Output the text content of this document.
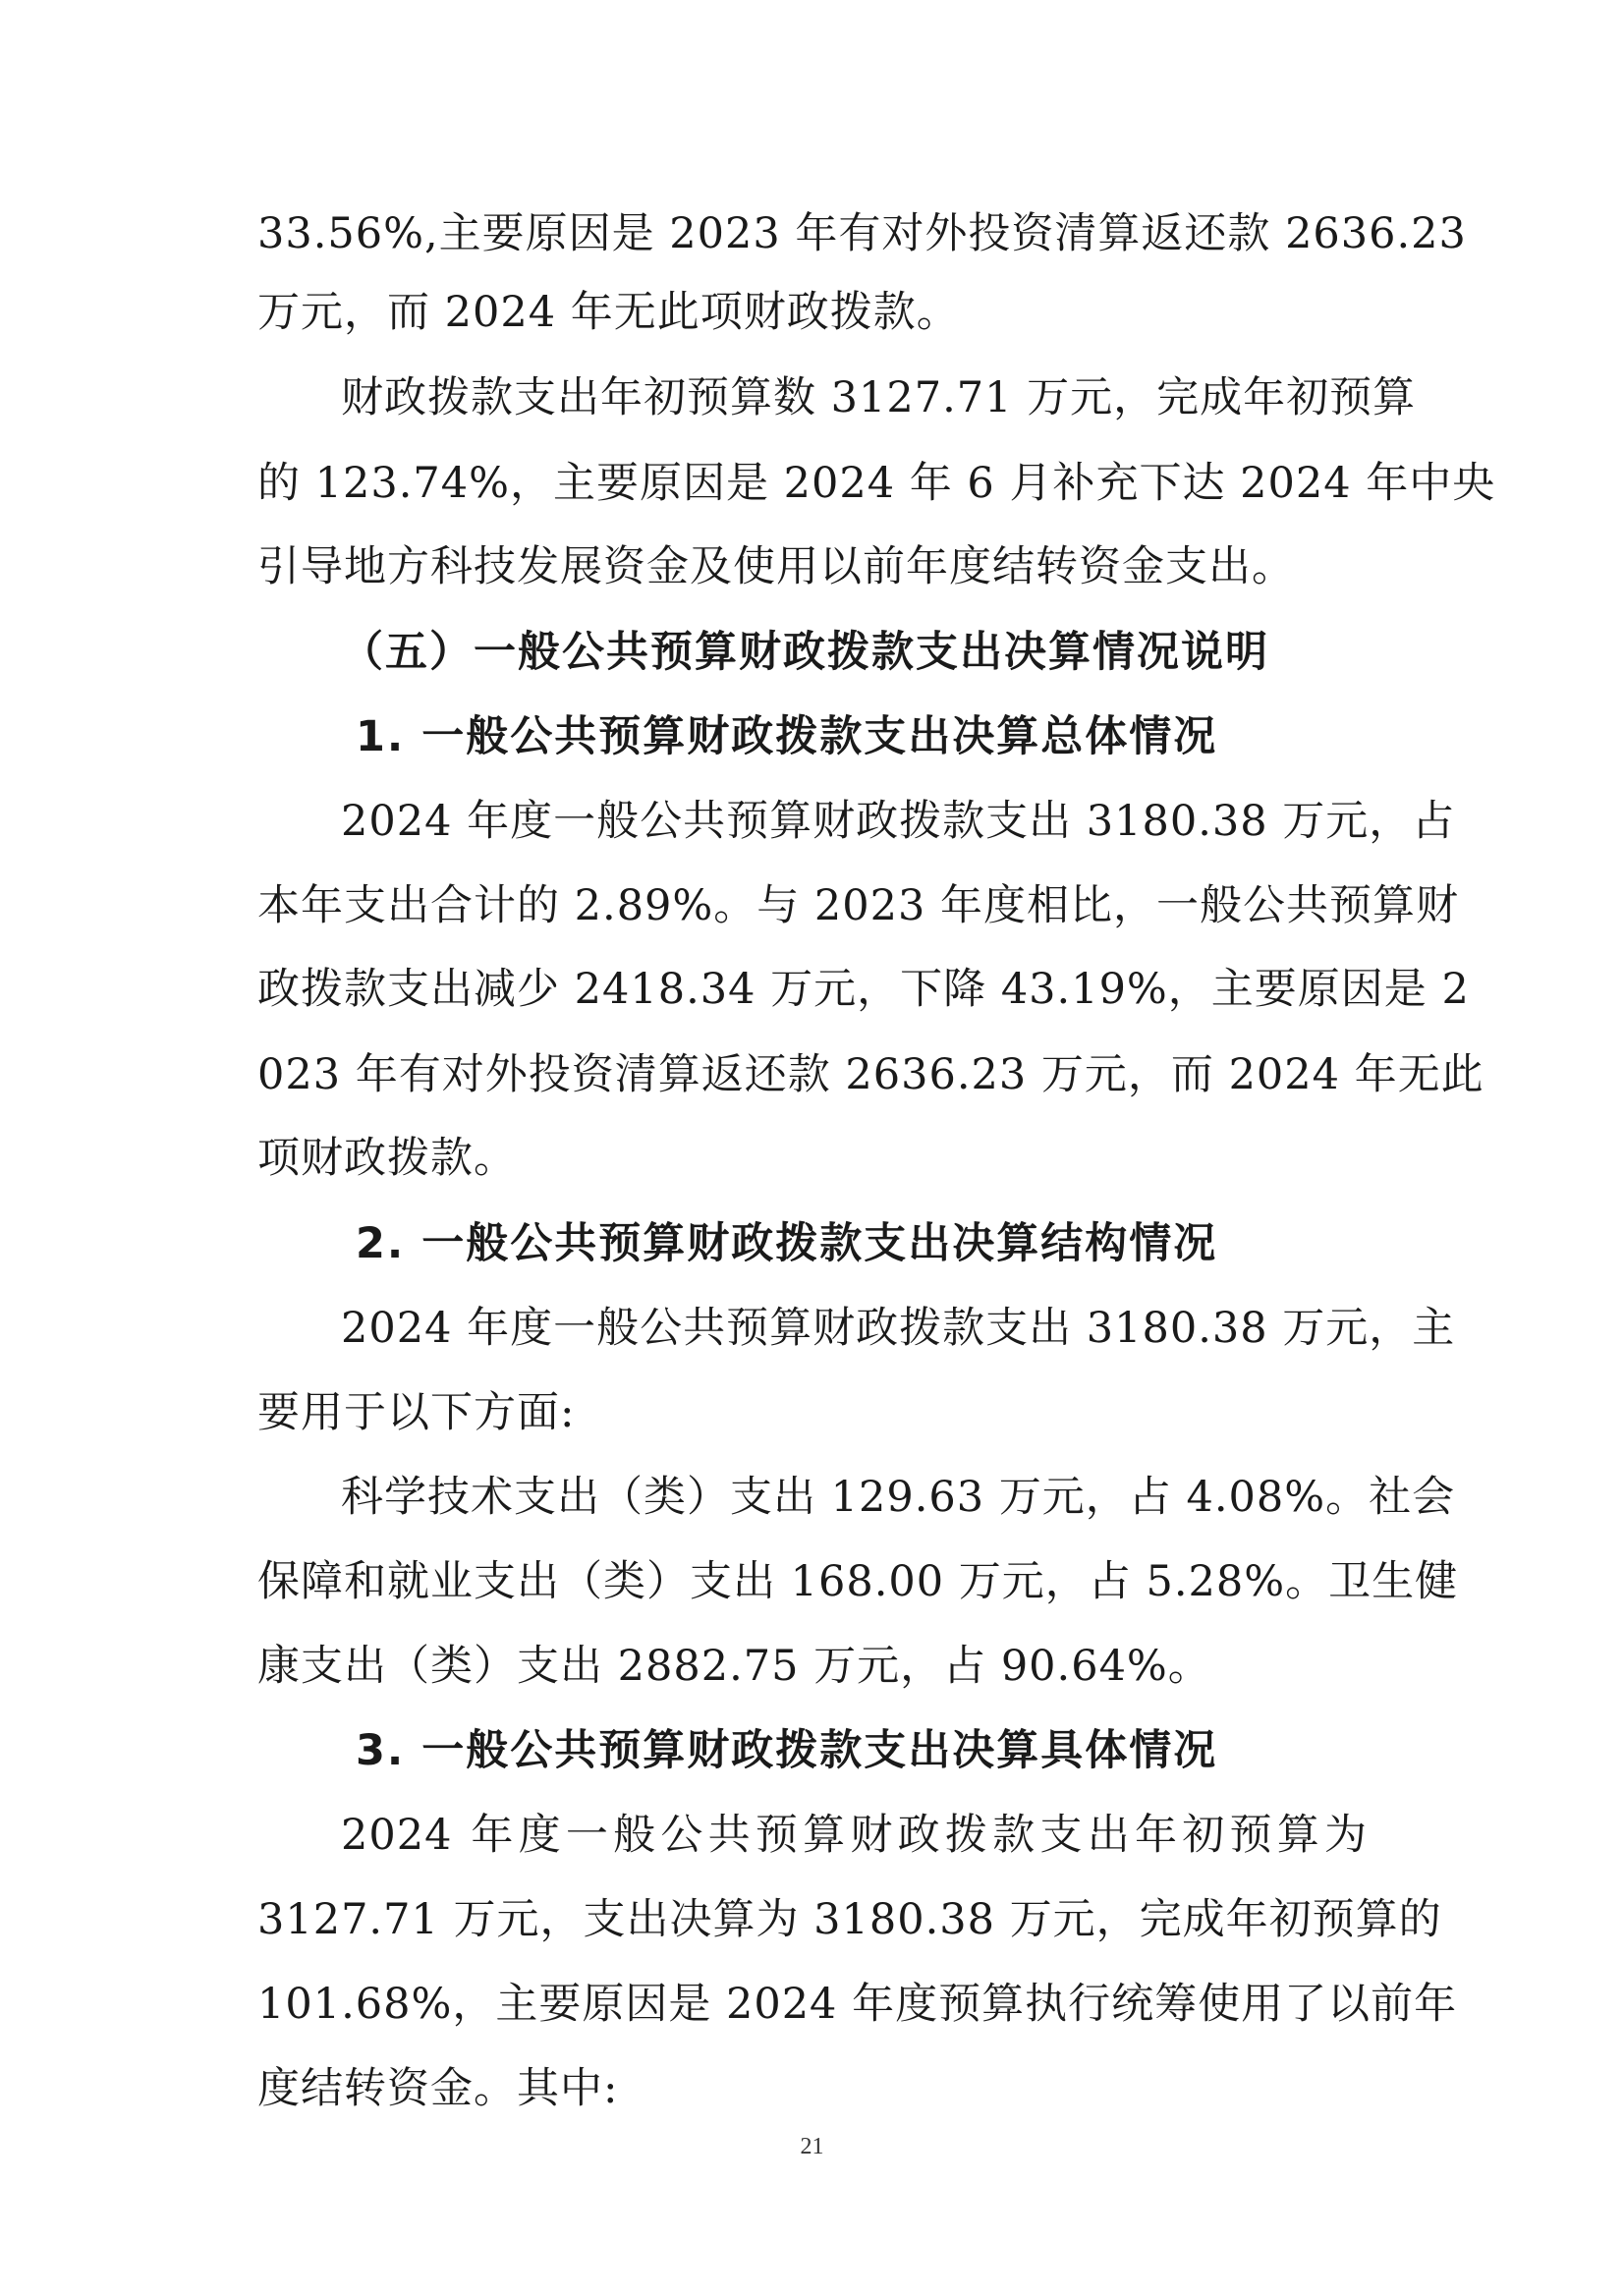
33.56%,主要原因是 2023 年有对外投资清算返还款 2636.23
万元，而 2024 年无此项财政拨款。
财政拨款支出年初预算数 3127.71 万元，完成年初预算
的 123.74%，主要原因是 2024 年 6 月补充下达 2024 年中央
引导地方科技发展资金及使用以前年度结转资金支出。
（五）一般公共预算财政拨款支出决算情况说明
1. 一般公共预算财政拨款支出决算总体情况
2024 年度一般公共预算财政拨款支出 3180.38 万元，占
本年支出合计的 2.89%。与 2023 年度相比，一般公共预算财
政拨款支出减少 2418.34 万元，下降 43.19%，主要原因是 2
023 年有对外投资清算返还款 2636.23 万元，而 2024 年无此
项财政拨款。
2. 一般公共预算财政拨款支出决算结构情况
2024 年度一般公共预算财政拨款支出 3180.38 万元，主
要用于以下方面:
科学技术支出（类）支出 129.63 万元，占 4.08%。社会
保障和就业支出（类）支出 168.00 万元，占 5.28%。卫生健
康支出（类）支出 2882.75 万元，占 90.64%。
3. 一般公共预算财政拨款支出决算具体情况
2024 年度一般公共预算财政拨款支出年初预算为
3127.71 万元，支出决算为 3180.38 万元，完成年初预算的
101.68%，主要原因是 2024 年度预算执行统筹使用了以前年
度结转资金。其中:
21
